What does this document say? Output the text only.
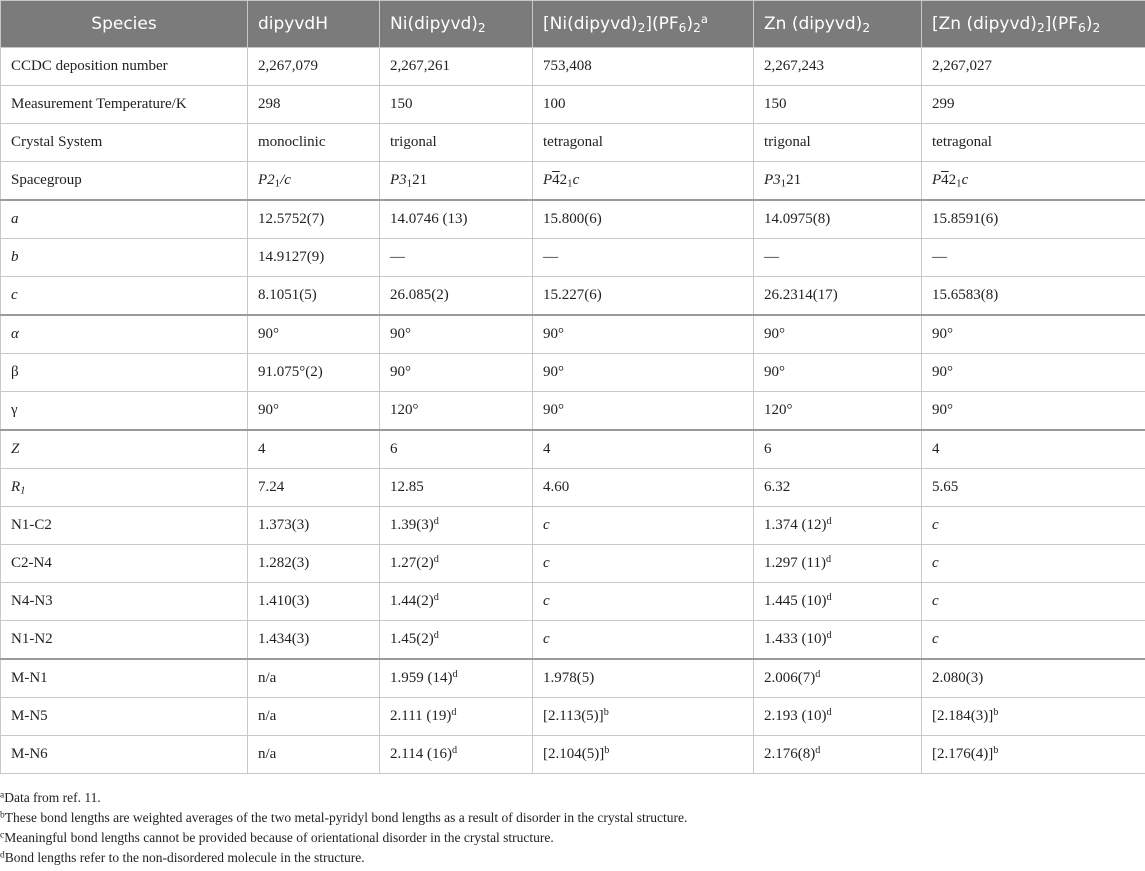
Species	dipyvdH	$Ni(dipyvd)_2$	$[Ni(dipyvd)_2](PF_6)_2^a$	Zn $(dipyvd)_2$	[Zn $(dipyvd)_2](PF_6)_2$
CCDC deposition number	2,267,079	2,267,261	753,408	2,267,243	2,267,027
Measurement Temperature/K	298	150	100	150	299
Crystal System	monoclinic	trigonal	tetragonal	trigonal	tetragonal
Spacegroup	$P2_1/c$	$P3_121$	$P42_1c$	$P3_121$	$P42_1c$
a	12.5752(7)	14.0746 (13)	15.800(6)	14.0975(8)	15.8591(6)
b	14.9127(9)	—	—	—	—
c	8.1051(5)	26.085(2)	15.227(6)	26.2314(17)	15.6583(8)
α	90°	90°	90°	90°	90°
β	91.075°(2)	90°	90°	90°	90°
γ	90°	120°	90°	120°	90°
Z	4	6	4	6	4
$R_1$	7.24	12.85	4.60	6.32	5.65
N1-C2	1.373(3)	$1.39(3)^d$	c	1.374 $(12)^d$	c
C2-N4	1.282(3)	$1.27(2)^d$	c	1.297 $(11)^d$	c
N4-N3	1.410(3)	$1.44(2)^d$	c	1.445 $(10)^d$	c
N1-N2	1.434(3)	$1.45(2)^d$	c	1.433 $(10)^d$	c
M-N1	n/a	1.959 $(14)^d$	1.978(5)	$2.006(7)^d$	2.080(3)
M-N5	n/a	2.111 $(19)^d$	$[2.113(5)]^b$	2.193 $(10)^d$	$[2.184(3)]^b$
M-N6	n/a	2.114 $(16)^d$	$[2.104(5)]^b$	$2.176(8)^d$	$[2.176(4)]^b$
$^a$Data from ref. 11.
$^b$These bond lengths are weighted averages of the two metal-pyridyl bond lengths as a result of disorder in the crystal structure.
$^c$Meaningful bond lengths cannot be provided because of orientational disorder in the crystal structure.
$^d$Bond lengths refer to the non-disordered molecule in the structure.
